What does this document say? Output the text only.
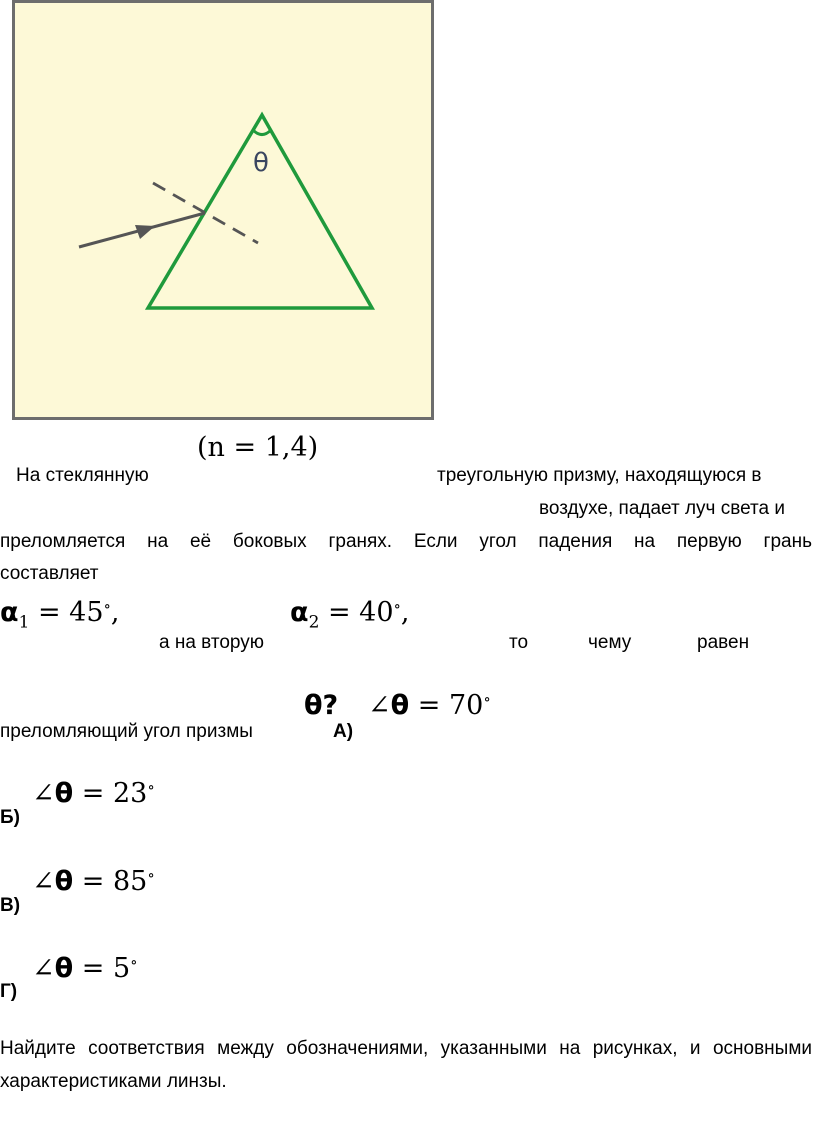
θ
(n = 1,4)
На стеклянную	треугольную призму, находящуюся в
воздухе, падает луч света и
преломляется на её боковых гранях. Если угол падения на первую грань
составляет
$\alpha_1 = 45^\circ$,
а на вторую
$\alpha_2 = 40^\circ$,
то	чему	равен
θ?
преломляющий угол призмы	А)
∠θ = 70∘
∠θ = 23∘
Б)
∠θ = 85∘
В)
∠θ = 5∘
Г)
Найдите соответствия между обозначениями, указанными на рисунках, и основными характеристиками линзы.
